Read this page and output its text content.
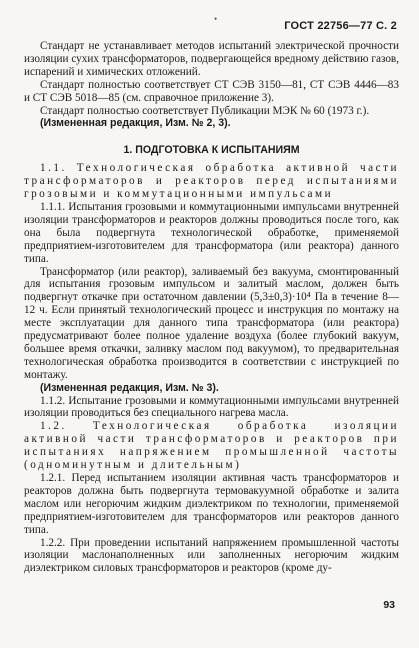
•
ГОСТ 22756—77 С. 2

Стандарт не устанавливает методов испытаний электрической прочности изоляции сухих трансформаторов, подвергающейся вредному действию газов, испарений и химических отложений.

Стандарт полностью соответствует СТ СЭВ 3150—81, СТ СЭВ 4446—83 и СТ СЭВ 5018—85 (см. справочное приложение 3).

Стандарт полностью соответствует Публикации МЭК № 60 (1973 г.).

(Измененная редакция, Изм. № 2, 3).

1. ПОДГОТОВКА К ИСПЫТАНИЯМ

1.1. Технологическая обработка активной части трансформаторов и реакторов перед испытаниями грозовыми и коммутационными импульсами

1.1.1. Испытания грозовыми и коммутационными импульсами внутренней изоляции трансформаторов и реакторов должны проводиться после того, как она была подвергнута технологической обработке, применяемой предприятием-изготовителем для трансформатора (или реактора) данного типа.

Трансформатор (или реактор), заливаемый без вакуума, смонтированный для испытания грозовым импульсом и залитый маслом, должен быть подвергнут откачке при остаточном давлении (5,3±0,3)·10⁴ Па в течение 8—12 ч. Если принятый технологический процесс и инструкция по монтажу на месте эксплуатации для данного типа трансформатора (или реактора) предусматривают более полное удаление воздуха (более глубокий вакуум, большее время откачки, заливку маслом под вакуумом), то предварительная технологическая обработка производится в соответствии с инструкцией по монтажу.

(Измененная редакция, Изм. № 3).

1.1.2. Испытание грозовыми и коммутационными импульсами внутренней изоляции проводиться без специального нагрева масла.

1.2. Технологическая обработка изоляции активной части трансформаторов и реакторов при испытаниях напряжением промышленной частоты (одноминутным и длительным)

1.2.1. Перед испытанием изоляции активная часть трансформаторов и реакторов должна быть подвергнута термовакуумной обработке и залита маслом или негорючим жидким диэлектриком по технологии, применяемой предприятием-изготовителем для трансформаторов или реакторов данного типа.

1.2.2. При проведении испытаний напряжением промышленной частоты изоляции маслонаполненных или заполненных негорючим жидким диэлектриком силовых трансформаторов и реакторов (кроме ду-

93
